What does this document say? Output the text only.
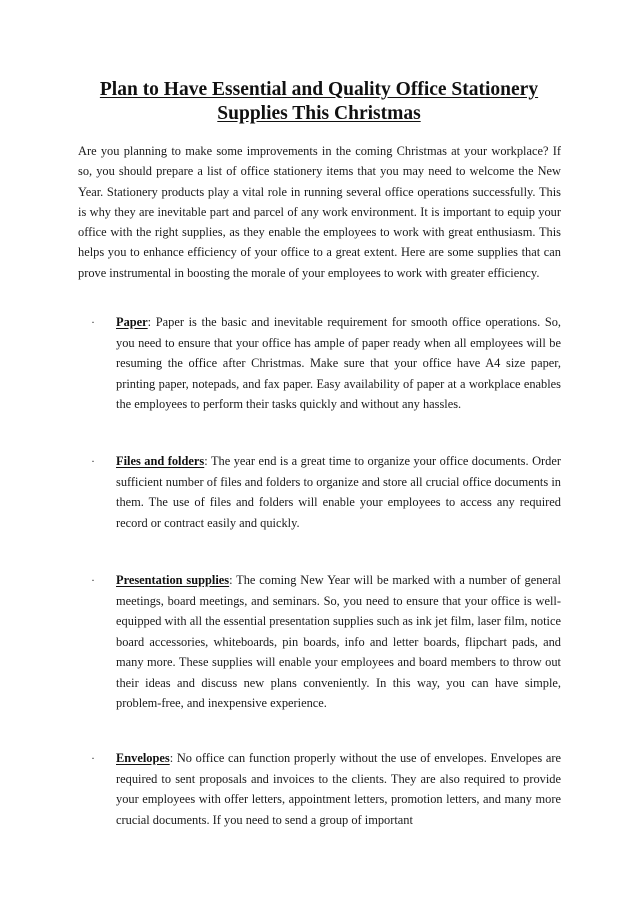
Plan to Have Essential and Quality Office Stationery Supplies This Christmas

Are you planning to make some improvements in the coming Christmas at your workplace? If so, you should prepare a list of office stationery items that you may need to welcome the New Year. Stationery products play a vital role in running several office operations successfully. This is why they are inevitable part and parcel of any work environment. It is important to equip your office with the right supplies, as they enable the employees to work with great enthusiasm. This helps you to enhance efficiency of your office to a great extent. Here are some supplies that can prove instrumental in boosting the morale of your employees to work with greater efficiency.

·	Paper: Paper is the basic and inevitable requirement for smooth office operations. So, you need to ensure that your office has ample of paper ready when all employees will be resuming the office after Christmas. Make sure that your office have A4 size paper, printing paper, notepads, and fax paper. Easy availability of paper at a workplace enables the employees to perform their tasks quickly and without any hassles.

·	Files and folders: The year end is a great time to organize your office documents. Order sufficient number of files and folders to organize and store all crucial office documents in them. The use of files and folders will enable your employees to access any required record or contract easily and quickly.

·	Presentation supplies: The coming New Year will be marked with a number of general meetings, board meetings, and seminars. So, you need to ensure that your office is well-equipped with all the essential presentation supplies such as ink jet film, laser film, notice board accessories, whiteboards, pin boards, info and letter boards, flipchart pads, and many more. These supplies will enable your employees and board members to throw out their ideas and discuss new plans conveniently. In this way, you can have simple, problem-free, and inexpensive experience.

·	Envelopes: No office can function properly without the use of envelopes. Envelopes are required to sent proposals and invoices to the clients. They are also required to provide your employees with offer letters, appointment letters, promotion letters, and many more crucial documents. If you need to send a group of important
